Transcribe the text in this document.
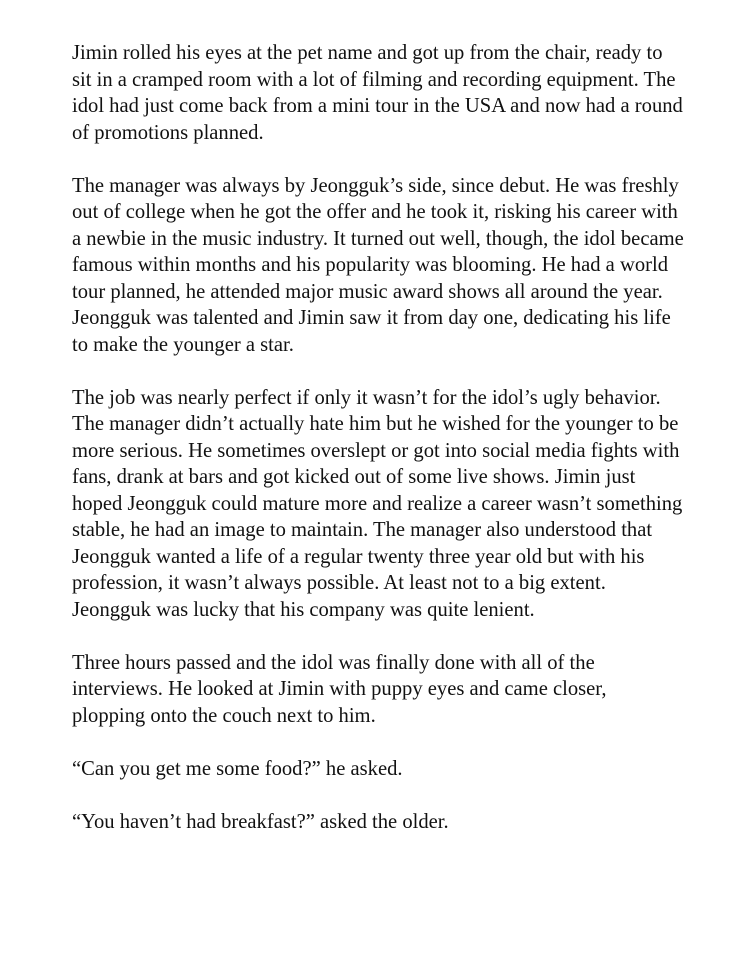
Jimin rolled his eyes at the pet name and got up from the chair, ready to sit in a cramped room with a lot of filming and recording equipment. The idol had just come back from a mini tour in the USA and now had a round of promotions planned.

The manager was always by Jeongguk’s side, since debut. He was freshly out of college when he got the offer and he took it, risking his career with a newbie in the music industry. It turned out well, though, the idol became famous within months and his popularity was blooming. He had a world tour planned, he attended major music award shows all around the year. Jeongguk was talented and Jimin saw it from day one, dedicating his life to make the younger a star.

The job was nearly perfect if only it wasn’t for the idol’s ugly behavior. The manager didn’t actually hate him but he wished for the younger to be more serious. He sometimes overslept or got into social media fights with fans, drank at bars and got kicked out of some live shows. Jimin just hoped Jeongguk could mature more and realize a career wasn’t something stable, he had an image to maintain. The manager also understood that Jeongguk wanted a life of a regular twenty three year old but with his profession, it wasn’t always possible. At least not to a big extent. Jeongguk was lucky that his company was quite lenient.

Three hours passed and the idol was finally done with all of the interviews. He looked at Jimin with puppy eyes and came closer, plopping onto the couch next to him.

“Can you get me some food?” he asked.

“You haven’t had breakfast?” asked the older.
